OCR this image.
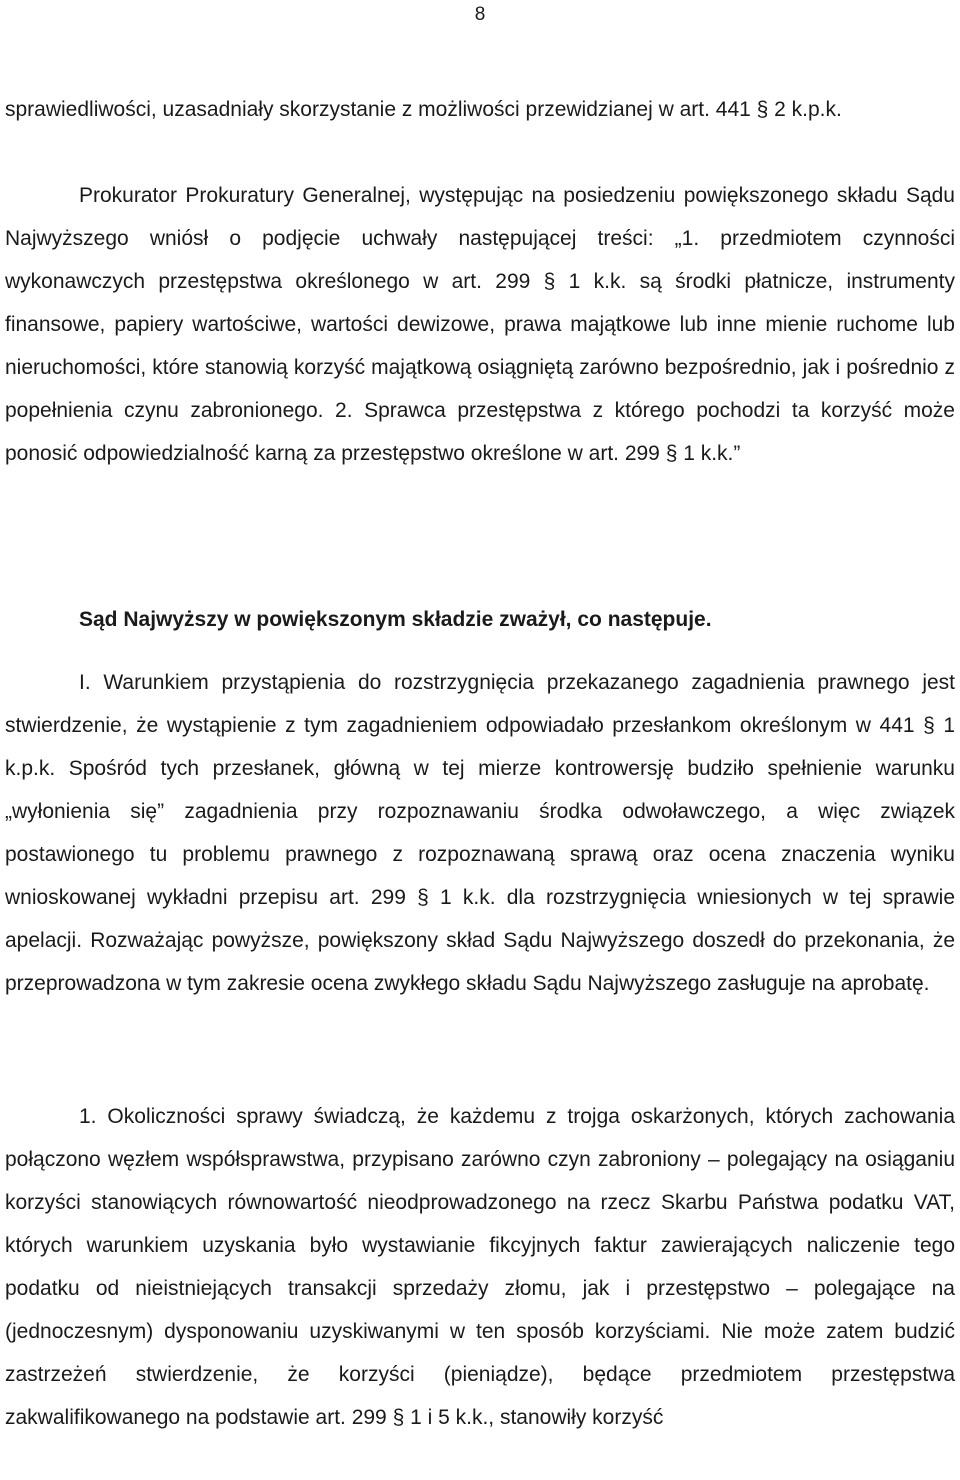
8

sprawiedliwości, uzasadniały skorzystanie z możliwości przewidzianej w art. 441 § 2 k.p.k.

Prokurator Prokuratury Generalnej, występując na posiedzeniu powiększonego składu Sądu Najwyższego wniósł o podjęcie uchwały następującej treści: „1. przedmiotem czynności wykonawczych przestępstwa określonego w art. 299 § 1 k.k. są środki płatnicze, instrumenty finansowe, papiery wartościwe, wartości dewizowe, prawa majątkowe lub inne mienie ruchome lub nieruchomości, które stanowią korzyść majątkową osiągniętą zarówno bezpośrednio, jak i pośrednio z popełnienia czynu zabronionego. 2. Sprawca przestępstwa z którego pochodzi ta korzyść może ponosić odpowiedzialność karną za przestępstwo określone w art. 299 § 1 k.k.”

Sąd Najwyższy w powiększonym składzie zważył, co następuje.

I. Warunkiem przystąpienia do rozstrzygnięcia przekazanego zagadnienia prawnego jest stwierdzenie, że wystąpienie z tym zagadnieniem odpowiadało przesłankom określonym w 441 § 1 k.p.k. Spośród tych przesłanek, główną w tej mierze kontrowersję budziło spełnienie warunku „wyłonienia się” zagadnienia przy rozpoznawaniu środka odwoławczego, a więc związek postawionego tu problemu prawnego z rozpoznawaną sprawą oraz ocena znaczenia wyniku wnioskowanej wykładni przepisu art. 299 § 1 k.k. dla rozstrzygnięcia wniesionych w tej sprawie apelacji. Rozważając powyższe, powiększony skład Sądu Najwyższego doszedł do przekonania, że przeprowadzona w tym zakresie ocena zwykłego składu Sądu Najwyższego zasługuje na aprobatę.

1. Okoliczności sprawy świadczą, że każdemu z trojga oskarżonych, których zachowania połączono węzłem współsprawstwa, przypisano zarówno czyn zabroniony – polegający na osiąganiu korzyści stanowiących równowartość nieodprowadzonego na rzecz Skarbu Państwa podatku VAT, których warunkiem uzyskania było wystawianie fikcyjnych faktur zawierających naliczenie tego podatku od nieistniejących transakcji sprzedaży złomu, jak i przestępstwo – polegające na (jednoczesnym) dysponowaniu uzyskiwanymi w ten sposób korzyściami. Nie może zatem budzić zastrzeżeń stwierdzenie, że korzyści (pieniądze), będące przedmiotem przestępstwa zakwalifikowanego na podstawie art. 299 § 1 i 5 k.k., stanowiły korzyść
